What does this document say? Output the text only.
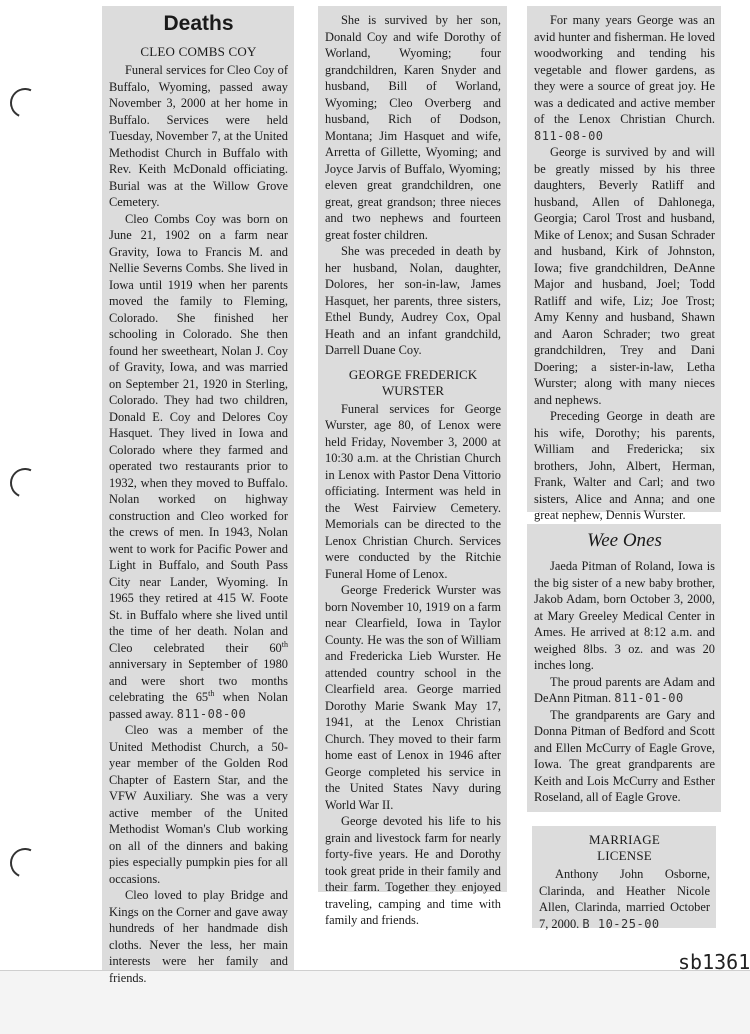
Deaths
CLEO COMBS COY

Funeral services for Cleo Coy of Buffalo, Wyoming, passed away November 3, 2000 at her home in Buffalo. Services were held Tuesday, November 7, at the United Methodist Church in Buffalo with Rev. Keith McDonald officiating. Burial was at the Willow Grove Cemetery.

Cleo Combs Coy was born on June 21, 1902 on a farm near Gravity, Iowa to Francis M. and Nellie Severns Combs. She lived in Iowa until 1919 when her parents moved the family to Fleming, Colorado. She finished her schooling in Colorado. She then found her sweetheart, Nolan J. Coy of Gravity, Iowa, and was married on September 21, 1920 in Sterling, Colorado. They had two children, Donald E. Coy and Delores Coy Hasquet. They lived in Iowa and Colorado where they farmed and operated two restaurants prior to 1932, when they moved to Buffalo. Nolan worked on highway construction and Cleo worked for the crews of men. In 1943, Nolan went to work for Pacific Power and Light in Buffalo, and South Pass City near Lander, Wyoming. In 1965 they retired at 415 W. Foote St. in Buffalo where she lived until the time of her death. Nolan and Cleo celebrated their 60th anniversary in September of 1980 and were short two months celebrating the 65th when Nolan passed away. 811-08-00

Cleo was a member of the United Methodist Church, a 50-year member of the Golden Rod Chapter of Eastern Star, and the VFW Auxiliary. She was a very active member of the United Methodist Woman's Club working on all of the dinners and baking pies especially pumpkin pies for all occasions.

Cleo loved to play Bridge and Kings on the Corner and gave away hundreds of her handmade dish cloths. Never the less, her main interests were her family and friends.

She is survived by her son, Donald Coy and wife Dorothy of Worland, Wyoming; four grandchildren, Karen Snyder and husband, Bill of Worland, Wyoming; Cleo Overberg and husband, Rich of Dodson, Montana; Jim Hasquet and wife, Arretta of Gillette, Wyoming; and Joyce Jarvis of Buffalo, Wyoming; eleven great grandchildren, one great, great grandson; three nieces and two nephews and fourteen great foster children.

She was preceded in death by her husband, Nolan, daughter, Dolores, her son-in-law, James Hasquet, her parents, three sisters, Ethel Bundy, Audrey Cox, Opal Heath and an infant grandchild, Darrell Duane Coy.

GEORGE FREDERICK
WURSTER

Funeral services for George Wurster, age 80, of Lenox were held Friday, November 3, 2000 at 10:30 a.m. at the Christian Church in Lenox with Pastor Dena Vittorio officiating. Interment was held in the West Fairview Cemetery. Memorials can be directed to the Lenox Christian Church. Services were conducted by the Ritchie Funeral Home of Lenox.

George Frederick Wurster was born November 10, 1919 on a farm near Clearfield, Iowa in Taylor County. He was the son of William and Fredericka Lieb Wurster. He attended country school in the Clearfield area. George married Dorothy Marie Swank May 17, 1941, at the Lenox Christian Church. They moved to their farm home east of Lenox in 1946 after George completed his service in the United States Navy during World War II.

George devoted his life to his grain and livestock farm for nearly forty-five years. He and Dorothy took great pride in their family and their farm. Together they enjoyed traveling, camping and time with family and friends.

For many years George was an avid hunter and fisherman. He loved woodworking and tending his vegetable and flower gardens, as they were a source of great joy. He was a dedicated and active member of the Lenox Christian Church. 811-08-00

George is survived by and will be greatly missed by his three daughters, Beverly Ratliff and husband, Allen of Dahlonega, Georgia; Carol Trost and husband, Mike of Lenox; and Susan Schrader and husband, Kirk of Johnston, Iowa; five grandchildren, DeAnne Major and husband, Joel; Todd Ratliff and wife, Liz; Joe Trost; Amy Kenny and husband, Shawn and Aaron Schrader; two great grandchildren, Trey and Dani Doering; a sister-in-law, Letha Wurster; along with many nieces and nephews.

Preceding George in death are his wife, Dorothy; his parents, William and Fredericka; six brothers, John, Albert, Herman, Frank, Walter and Carl; and two sisters, Alice and Anna; and one great nephew, Dennis Wurster.

Wee Ones

Jaeda Pitman of Roland, Iowa is the big sister of a new baby brother, Jakob Adam, born October 3, 2000, at Mary Greeley Medical Center in Ames. He arrived at 8:12 a.m. and weighed 8lbs. 3 oz. and was 20 inches long.

The proud parents are Adam and DeAnn Pitman. 811-01-00

The grandparents are Gary and Donna Pitman of Bedford and Scott and Ellen McCurry of Eagle Grove, Iowa. The great grandparents are Keith and Lois McCurry and Esther Roseland, all of Eagle Grove.

MARRIAGE
LICENSE

Anthony John Osborne, Clarinda, and Heather Nicole Allen, Clarinda, married October 7, 2000. B 10-25-00

sb1361
